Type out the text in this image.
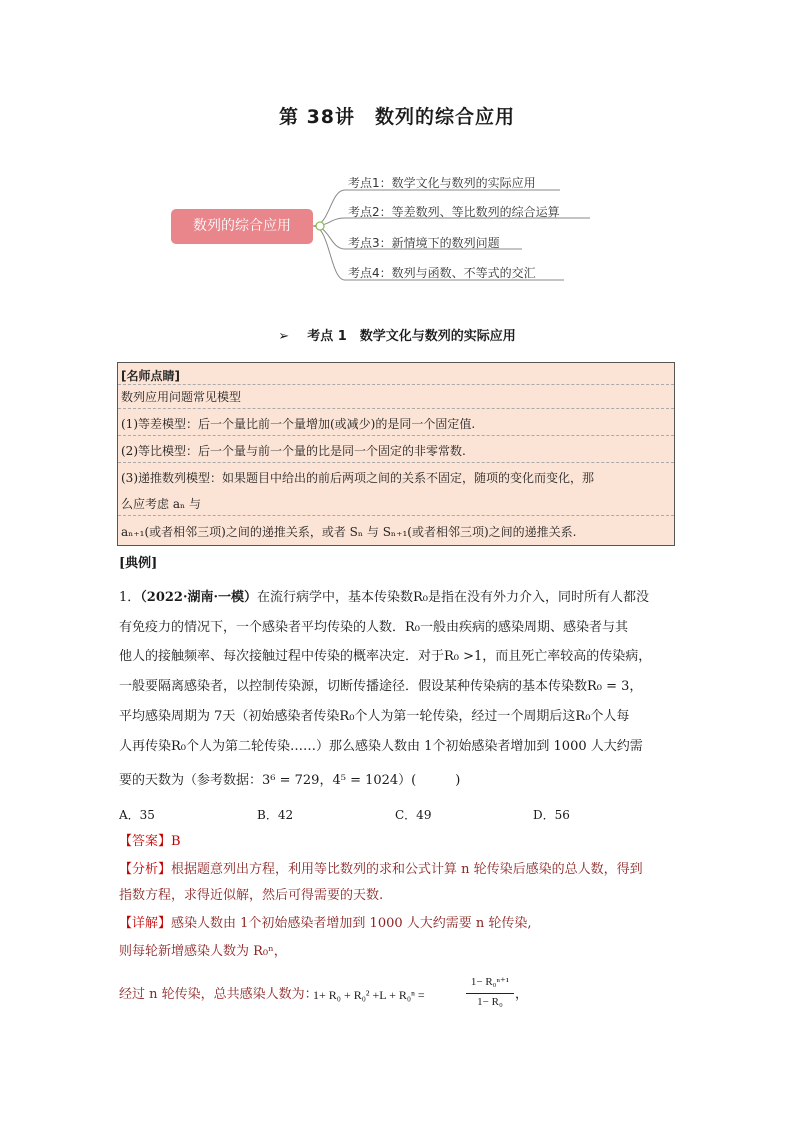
第 38讲　数列的综合应用
数列的综合应用
考点1：数学文化与数列的实际应用
考点2：等差数列、等比数列的综合运算
考点3：新情境下的数列问题
考点4：数列与函数、不等式的交汇
➢    考点 1　数学文化与数列的实际应用
[名师点睛]
数列应用问题常见模型
(1)等差模型：后一个量比前一个量增加(或减少)的是同一个固定值.
(2)等比模型：后一个量与前一个量的比是同一个固定的非零常数.
(3)递推数列模型：如果题目中给出的前后两项之间的关系不固定，随项的变化而变化，那
么应考虑 aₙ 与
aₙ₊₁(或者相邻三项)之间的递推关系，或者 Sₙ 与 Sₙ₊₁(或者相邻三项)之间的递推关系.
[典例]
1．（2022·湖南·一模）在流行病学中，基本传染数R₀是指在没有外力介入，同时所有人都没
有免疫力的情况下，一个感染者平均传染的人数．R₀一般由疾病的感染周期、感染者与其
他人的接触频率、每次接触过程中传染的概率决定．对于R₀ >1，而且死亡率较高的传染病，
一般要隔离感染者，以控制传染源，切断传播途径．假设某种传染病的基本传染数R₀ = 3，
平均感染周期为 7天（初始感染者传染R₀个人为第一轮传染，经过一个周期后这R₀个人每
人再传染R₀个人为第二轮传染……）那么感染人数由 1个初始感染者增加到 1000 人大约需
要的天数为（参考数据：3⁶ = 729，4⁵ = 1024）(　　　)
A．35	B．42	C．49	D．56
【答案】B
【分析】根据题意列出方程，利用等比数列的求和公式计算 n 轮传染后感染的总人数，得到
指数方程，求得近似解，然后可得需要的天数.
【详解】感染人数由 1个初始感染者增加到 1000 人大约需要 n 轮传染,
则每轮新增感染人数为 R₀ⁿ，
经过 n 轮传染，总共感染人数为：
1+ R₀ + R₀² +L + R₀ⁿ =
1− R₀ⁿ⁺¹
1− R₀ ，
